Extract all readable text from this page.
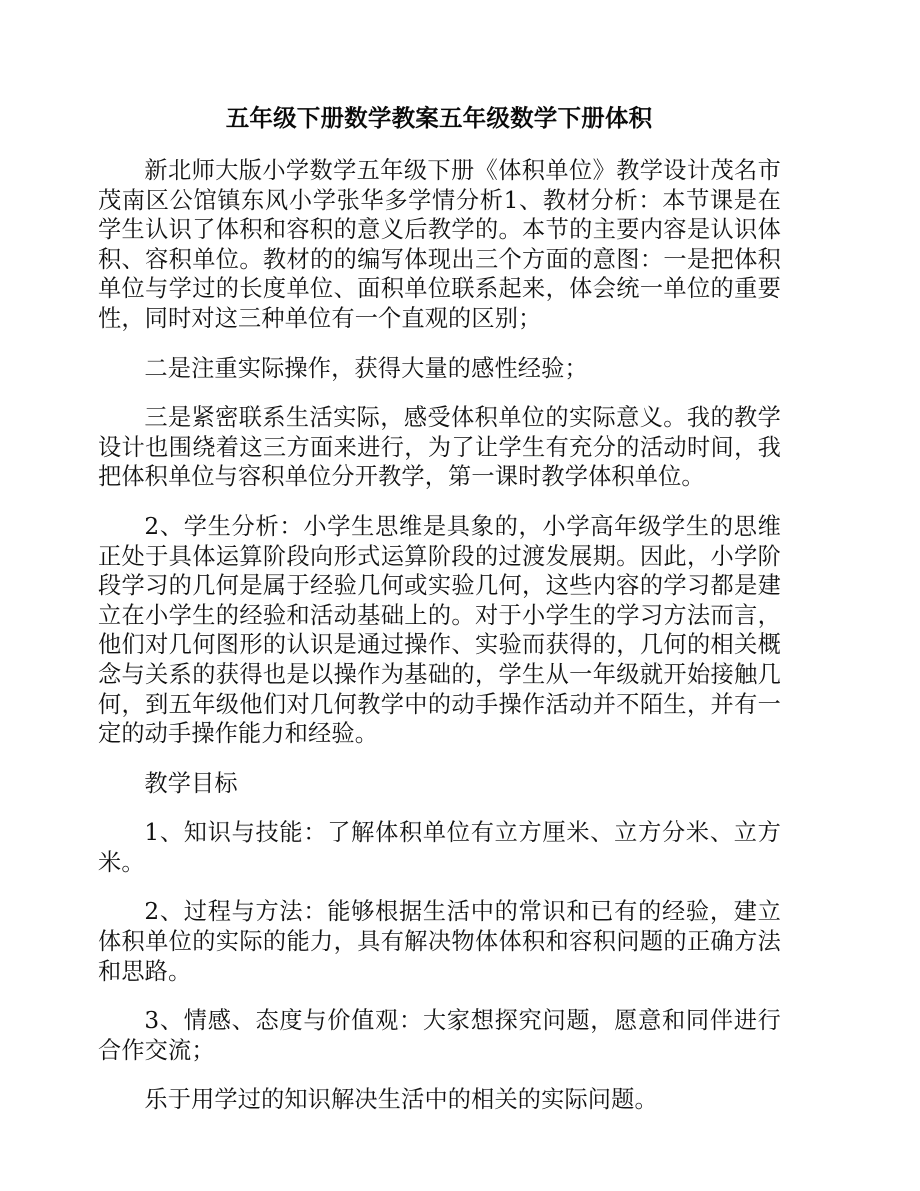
五年级下册数学教案五年级数学下册体积

新北师大版小学数学五年级下册《体积单位》教学设计茂名市茂南区公馆镇东风小学张华多学情分析1、教材分析：本节课是在学生认识了体积和容积的意义后教学的。本节的主要内容是认识体积、容积单位。教材的的编写体现出三个方面的意图：一是把体积单位与学过的长度单位、面积单位联系起来，体会统一单位的重要性，同时对这三种单位有一个直观的区别；

二是注重实际操作，获得大量的感性经验；

三是紧密联系生活实际，感受体积单位的实际意义。我的教学设计也围绕着这三方面来进行，为了让学生有充分的活动时间，我把体积单位与容积单位分开教学，第一课时教学体积单位。

2、学生分析：小学生思维是具象的，小学高年级学生的思维正处于具体运算阶段向形式运算阶段的过渡发展期。因此，小学阶段学习的几何是属于经验几何或实验几何，这些内容的学习都是建立在小学生的经验和活动基础上的。对于小学生的学习方法而言，他们对几何图形的认识是通过操作、实验而获得的，几何的相关概念与关系的获得也是以操作为基础的，学生从一年级就开始接触几何，到五年级他们对几何教学中的动手操作活动并不陌生，并有一定的动手操作能力和经验。

教学目标

1、知识与技能：了解体积单位有立方厘米、立方分米、立方米。

2、过程与方法：能够根据生活中的常识和已有的经验，建立体积单位的实际的能力，具有解决物体体积和容积问题的正确方法和思路。

3、情感、态度与价值观：大家想探究问题，愿意和同伴进行合作交流；

乐于用学过的知识解决生活中的相关的实际问题。
